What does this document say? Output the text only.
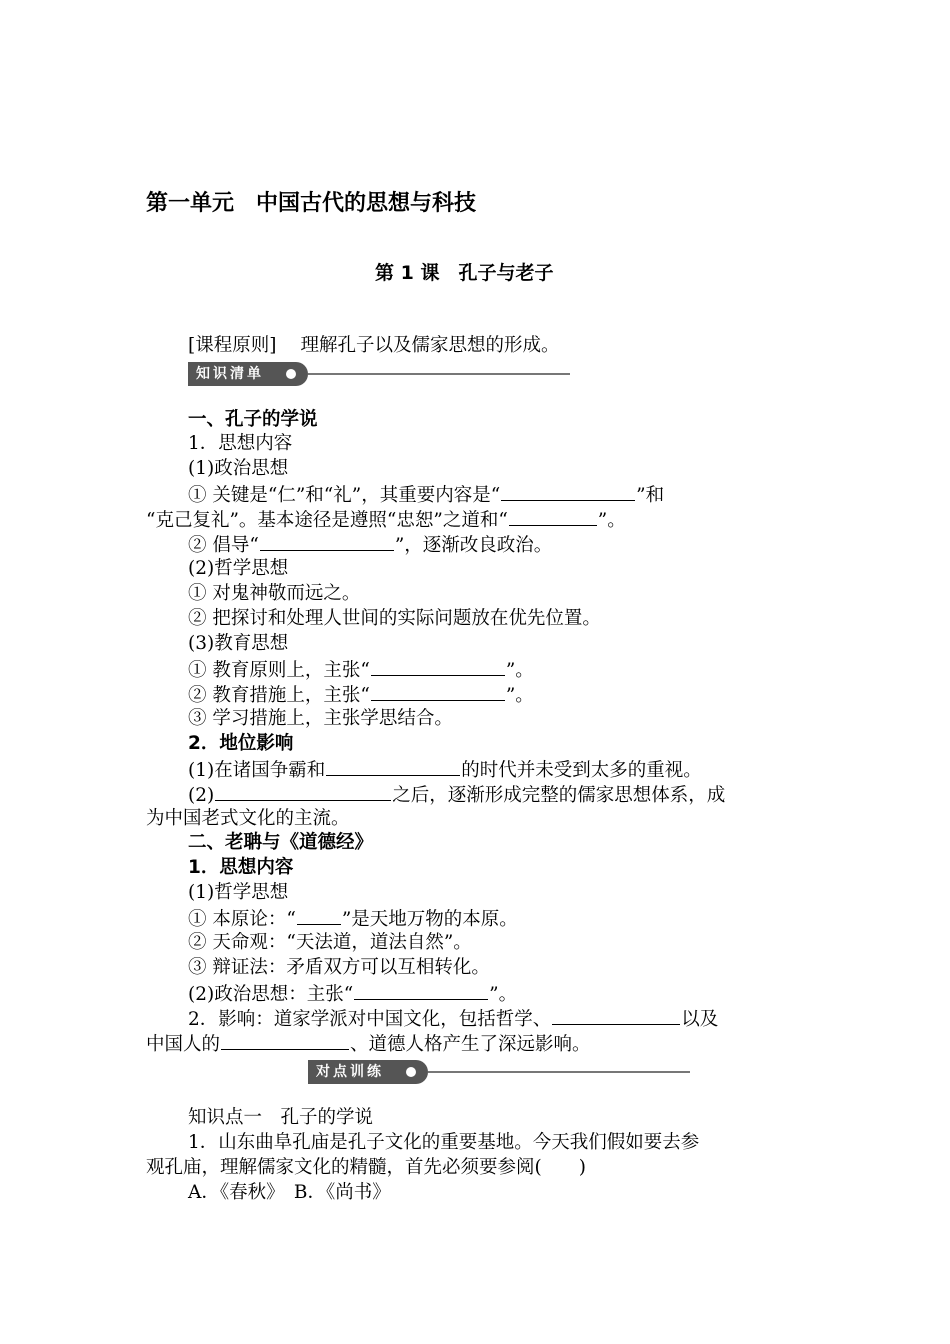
第一单元　中国古代的思想与科技
第 1 课　孔子与老子
[课程原则] 理解孔子以及儒家思想的形成。
知识清单
一、孔子的学说
1．思想内容
(1)政治思想
① 关键是“仁”和“礼”，其重要内容是“	”和
“克己复礼”。基本途径是遵照“忠恕”之道和“	”。
② 倡导“	”，逐渐改良政治。
(2)哲学思想
① 对鬼神敬而远之。
② 把探讨和处理人世间的实际问题放在优先位置。
(3)教育思想
① 教育原则上，主张“	”。
② 教育措施上，主张“	”。
③ 学习措施上，主张学思结合。
2．地位影响
(1)在诸国争霸和	的时代并未受到太多的重视。
(2)	之后，逐渐形成完整的儒家思想体系，成
为中国老式文化的主流。
二、老聃与《道德经》
1．思想内容
(1)哲学思想
① 本原论：“ ”是天地万物的本原。
② 天命观：“天法道，道法自然”。
③ 辩证法：矛盾双方可以互相转化。
(2)政治思想：主张“	”。
2．影响：道家学派对中国文化，包括哲学、	以及
中国人的	、道德人格产生了深远影响。
对点训练
知识点一　孔子的学说
1．山东曲阜孔庙是孔子文化的重要基地。今天我们假如要去参
观孔庙，理解儒家文化的精髓，首先必须要参阅(　　)
A．《春秋》　B．《尚书》
